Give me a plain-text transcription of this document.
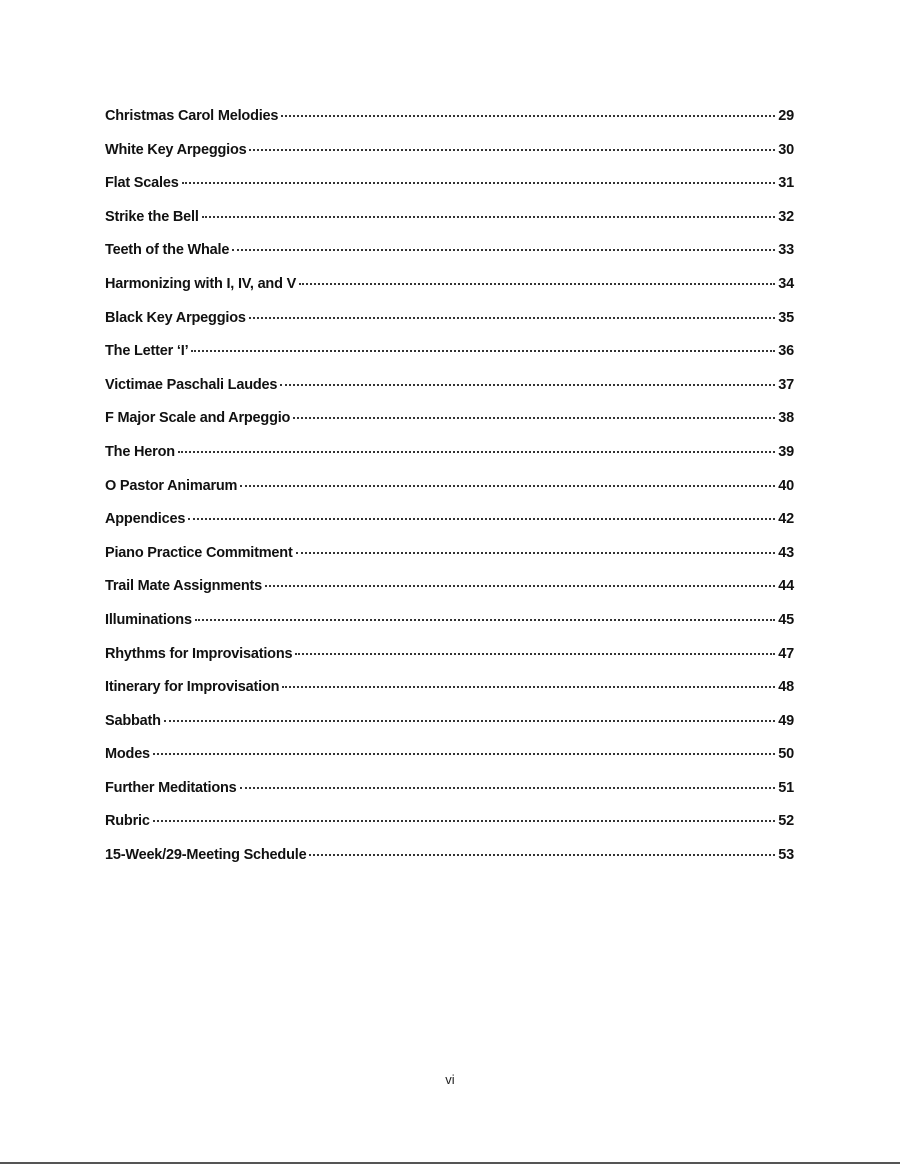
Christmas Carol Melodies	29
White Key Arpeggios	30
Flat Scales	31
Strike the Bell	32
Teeth of the Whale	33
Harmonizing with I, IV, and V	34
Black Key Arpeggios	35
The Letter ‘I’	36
Victimae Paschali Laudes	37
F Major Scale and Arpeggio	38
The Heron	39
O Pastor Animarum	40
Appendices	42
Piano Practice Commitment	43
Trail Mate Assignments	44
Illuminations	45
Rhythms for Improvisations	47
Itinerary for Improvisation	48
Sabbath	49
Modes	50
Further Meditations	51
Rubric	52
15-Week/29-Meeting Schedule	53
vi
